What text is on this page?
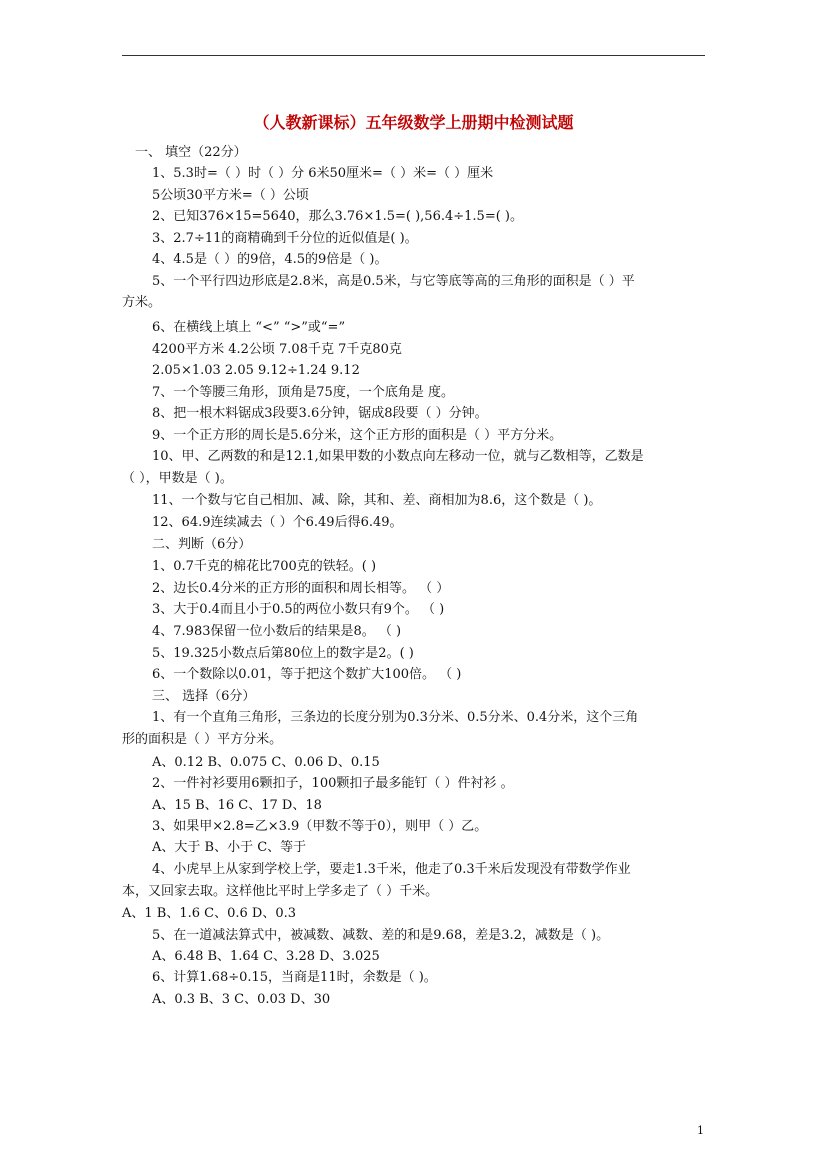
（人教新课标）五年级数学上册期中检测试题
一、 填空（22分）
1、5.3时=（ ）时（ ）分 6米50厘米=（ ）米=（ ）厘米
5公顷30平方米=（ ）公顷
2、已知376×15=5640，那么3.76×1.5=( ),56.4÷1.5=( )。
3、2.7÷11的商精确到千分位的近似值是( )。
4、4.5是（ ）的9倍，4.5的9倍是（ )。
5、一个平行四边形底是2.8米，高是0.5米，与它等底等高的三角形的面积是（ ）平
方米。
6、在横线上填上 “<” “>”或“=”
4200平方米 4.2公顷 7.08千克 7千克80克
2.05×1.03 2.05 9.12÷1.24 9.12
7、一个等腰三角形，顶角是75度，一个底角是 度。
8、把一根木料锯成3段要3.6分钟，锯成8段要（ ）分钟。
9、一个正方形的周长是5.6分米，这个正方形的面积是（ ）平方分米。
10、甲、乙两数的和是12.1,如果甲数的小数点向左移动一位，就与乙数相等，乙数是
（ ），甲数是（ )。
11、一个数与它自己相加、减、除，其和、差、商相加为8.6，这个数是（ )。
12、64.9连续减去（ ）个6.49后得6.49。
二、判断（6分）
1、0.7千克的棉花比700克的铁轻。( )
2、边长0.4分米的正方形的面积和周长相等。 （ ）
3、大于0.4而且小于0.5的两位小数只有9个。 （ )
4、7.983保留一位小数后的结果是8。 （ )
5、19.325小数点后第80位上的数字是2。( )
6、一个数除以0.01，等于把这个数扩大100倍。 （ )
三、 选择（6分）
1、有一个直角三角形，三条边的长度分别为0.3分米、0.5分米、0.4分米，这个三角
形的面积是（ ）平方分米。
A、0.12 B、0.075 C、0.06 D、0.15
2、一件衬衫要用6颗扣子，100颗扣子最多能钉（ ）件衬衫 。
A、15 B、16 C、17 D、18
3、如果甲×2.8=乙×3.9（甲数不等于0），则甲（ ）乙。
A、大于 B、小于 C、等于
4、小虎早上从家到学校上学，要走1.3千米，他走了0.3千米后发现没有带数学作业
本，又回家去取。这样他比平时上学多走了（ ）千米。
A、1 B、1.6 C、0.6 D、0.3
5、在一道减法算式中，被减数、减数、差的和是9.68，差是3.2，减数是（ )。
A、6.48 B、1.64 C、3.28 D、3.025
6、计算1.68÷0.15，当商是11时，余数是（ )。
A、0.3 B、3 C、0.03 D、30
1
